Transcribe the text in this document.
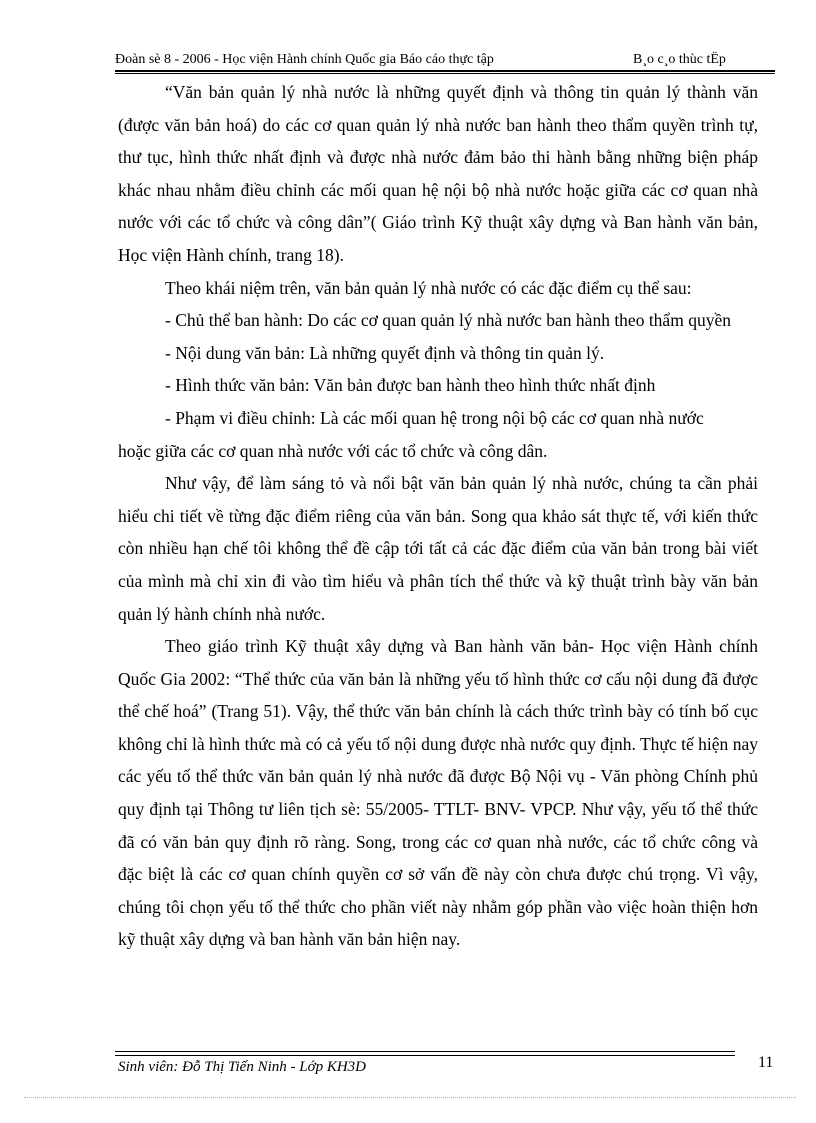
Đoàn sè 8 - 2006 - Học viện Hành chính Quốc gia Báo cáo thực tập	B¸o c¸o thùc tËp

“Văn bản quản lý nhà nước là những quyết định và thông tin quản lý thành văn (được văn bản hoá) do các cơ quan quản lý nhà nước ban hành theo thẩm quyền trình tự, thư tục, hình thức nhất định và được nhà nước đảm bảo thi hành bằng những biện pháp khác nhau nhằm điều chỉnh các mối quan hệ nội bộ nhà nước hoặc giữa các cơ quan nhà nước với các tổ chức và công dân”( Giáo trình Kỹ thuật xây dựng và Ban hành văn bản, Học viện Hành chính, trang 18).

Theo khái niệm trên, văn bản quản lý nhà nước có các đặc điểm cụ thể sau:

- Chủ thể ban hành: Do các cơ quan quản lý nhà nước ban hành theo thẩm quyền

- Nội dung văn bản: Là những quyết định và thông tin quản lý.

- Hình thức văn bản: Văn bản được ban hành theo hình thức nhất định

- Phạm vi điều chỉnh: Là các mối quan hệ trong nội bộ các cơ quan nhà nước

hoặc giữa các cơ quan nhà nước với các tổ chức và công dân.

Như vậy, để làm sáng tỏ và nổi bật văn bản quản lý nhà nước, chúng ta cần phải hiểu chi tiết về từng đặc điểm riêng của văn bản. Song qua khảo sát thực tế, với kiến thức còn nhiều hạn chế tôi không thể đề cập tới tất cả các đặc điểm của văn bản trong bài viết của mình mà chỉ xin đi vào tìm hiểu và phân tích thể thức và kỹ thuật trình bày văn bản quản lý hành chính nhà nước.

Theo giáo trình Kỹ thuật xây dựng và Ban hành văn bản- Học viện Hành chính Quốc Gia 2002: “Thể thức của văn bản là những yếu tố hình thức cơ cấu nội dung đã được thể chế hoá” (Trang 51). Vậy, thể thức văn bản chính là cách thức trình bày có tính bố cục không chỉ là hình thức mà có cả yếu tố nội dung được nhà nước quy định. Thực tế hiện nay các yếu tố thể thức văn bản quản lý nhà nước đã được Bộ Nội vụ - Văn phòng Chính phủ quy định tại Thông tư liên tịch sè: 55/2005- TTLT- BNV- VPCP. Như vậy, yếu tố thể thức đã có văn bản quy định rõ ràng. Song, trong các cơ quan nhà nước, các tổ chức công và đặc biệt là các cơ quan chính quyền cơ sở vấn đề này còn chưa được chú trọng. Vì vậy, chúng tôi chọn yếu tố thể thức cho phần viết này nhằm góp phần vào việc hoàn thiện hơn kỹ thuật xây dựng và ban hành văn bản hiện nay.

Sinh viên: Đỗ Thị Tiến Ninh - Lớp KH3D	11
